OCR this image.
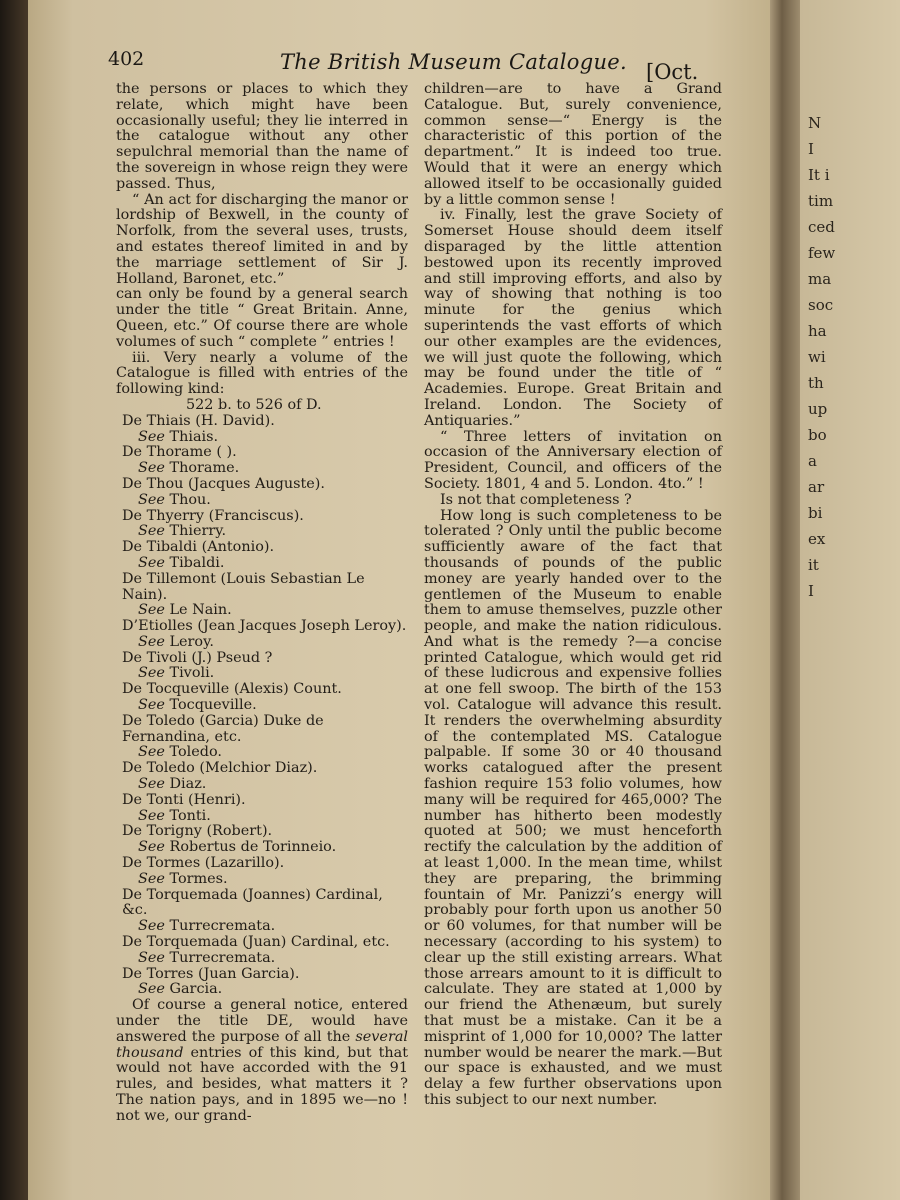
402	The British Museum Catalogue. [Oct.

the persons or places to which they relate, which might have been occasionally useful; they lie interred in the catalogue without any other sepulchral memorial than the name of the sovereign in whose reign they were passed. Thus,

“ An act for discharging the manor or lordship of Bexwell, in the county of Norfolk, from the several uses, trusts, and estates thereof limited in and by the marriage settlement of Sir J. Holland, Baronet, etc.”

can only be found by a general search under the title “ Great Britain. Anne, Queen, etc.” Of course there are whole volumes of such “ complete ” entries !

iii. Very nearly a volume of the Catalogue is filled with entries of the following kind:

522 b. to 526 of D.

De Thiais (H. David).
See Thiais.
De Thorame ( ).
See Thorame.
De Thou (Jacques Auguste).
See Thou.
De Thyerry (Franciscus).
See Thierry.
De Tibaldi (Antonio).
See Tibaldi.
De Tillemont (Louis Sebastian Le Nain).
See Le Nain.
D’Etiolles (Jean Jacques Joseph Leroy).
See Leroy.
De Tivoli (J.) Pseud ?
See Tivoli.
De Tocqueville (Alexis) Count.
See Tocqueville.
De Toledo (Garcia) Duke de Fernandina, etc.
See Toledo.
De Toledo (Melchior Diaz).
See Diaz.
De Tonti (Henri).
See Tonti.
De Torigny (Robert).
See Robertus de Torinneio.
De Tormes (Lazarillo).
See Tormes.
De Torquemada (Joannes) Cardinal, &c.
See Turrecremata.
De Torquemada (Juan) Cardinal, etc.
See Turrecremata.
De Torres (Juan Garcia).
See Garcia.

Of course a general notice, entered under the title DE, would have answered the purpose of all the several thousand entries of this kind, but that would not have accorded with the 91 rules, and besides, what matters it ? The nation pays, and in 1895 we—no ! not we, our grand-

children—are to have a Grand Catalogue. But, surely convenience, common sense—“ Energy is the characteristic of this portion of the department.” It is indeed too true. Would that it were an energy which allowed itself to be occasionally guided by a little common sense !

iv. Finally, lest the grave Society of Somerset House should deem itself disparaged by the little attention bestowed upon its recently improved and still improving efforts, and also by way of showing that nothing is too minute for the genius which superintends the vast efforts of which our other examples are the evidences, we will just quote the following, which may be found under the title of “ Academies. Europe. Great Britain and Ireland. London. The Society of Antiquaries.”

“ Three letters of invitation on occasion of the Anniversary election of President, Council, and officers of the Society. 1801, 4 and 5. London. 4to.” !

Is not that completeness ?

How long is such completeness to be tolerated ? Only until the public become sufficiently aware of the fact that thousands of pounds of the public money are yearly handed over to the gentlemen of the Museum to enable them to amuse themselves, puzzle other people, and make the nation ridiculous. And what is the remedy ?—a concise printed Catalogue, which would get rid of these ludicrous and expensive follies at one fell swoop. The birth of the 153 vol. Catalogue will advance this result. It renders the overwhelming absurdity of the contemplated MS. Catalogue palpable. If some 30 or 40 thousand works catalogued after the present fashion require 153 folio volumes, how many will be required for 465,000? The number has hitherto been modestly quoted at 500; we must henceforth rectify the calculation by the addition of at least 1,000. In the mean time, whilst they are preparing, the brimming fountain of Mr. Panizzi’s energy will probably pour forth upon us another 50 or 60 volumes, for that number will be necessary (according to his system) to clear up the still existing arrears. What those arrears amount to it is difficult to calculate. They are stated at 1,000 by our friend the Athenæum, but surely that must be a mistake. Can it be a misprint of 1,000 for 10,000? The latter number would be nearer the mark.—But our space is exhausted, and we must delay a few further observations upon this subject to our next number.

N
I
It i
tim
ced
few
ma
soc
ha
wi
th
up
bo
a
ar
bi
ex
it
I
